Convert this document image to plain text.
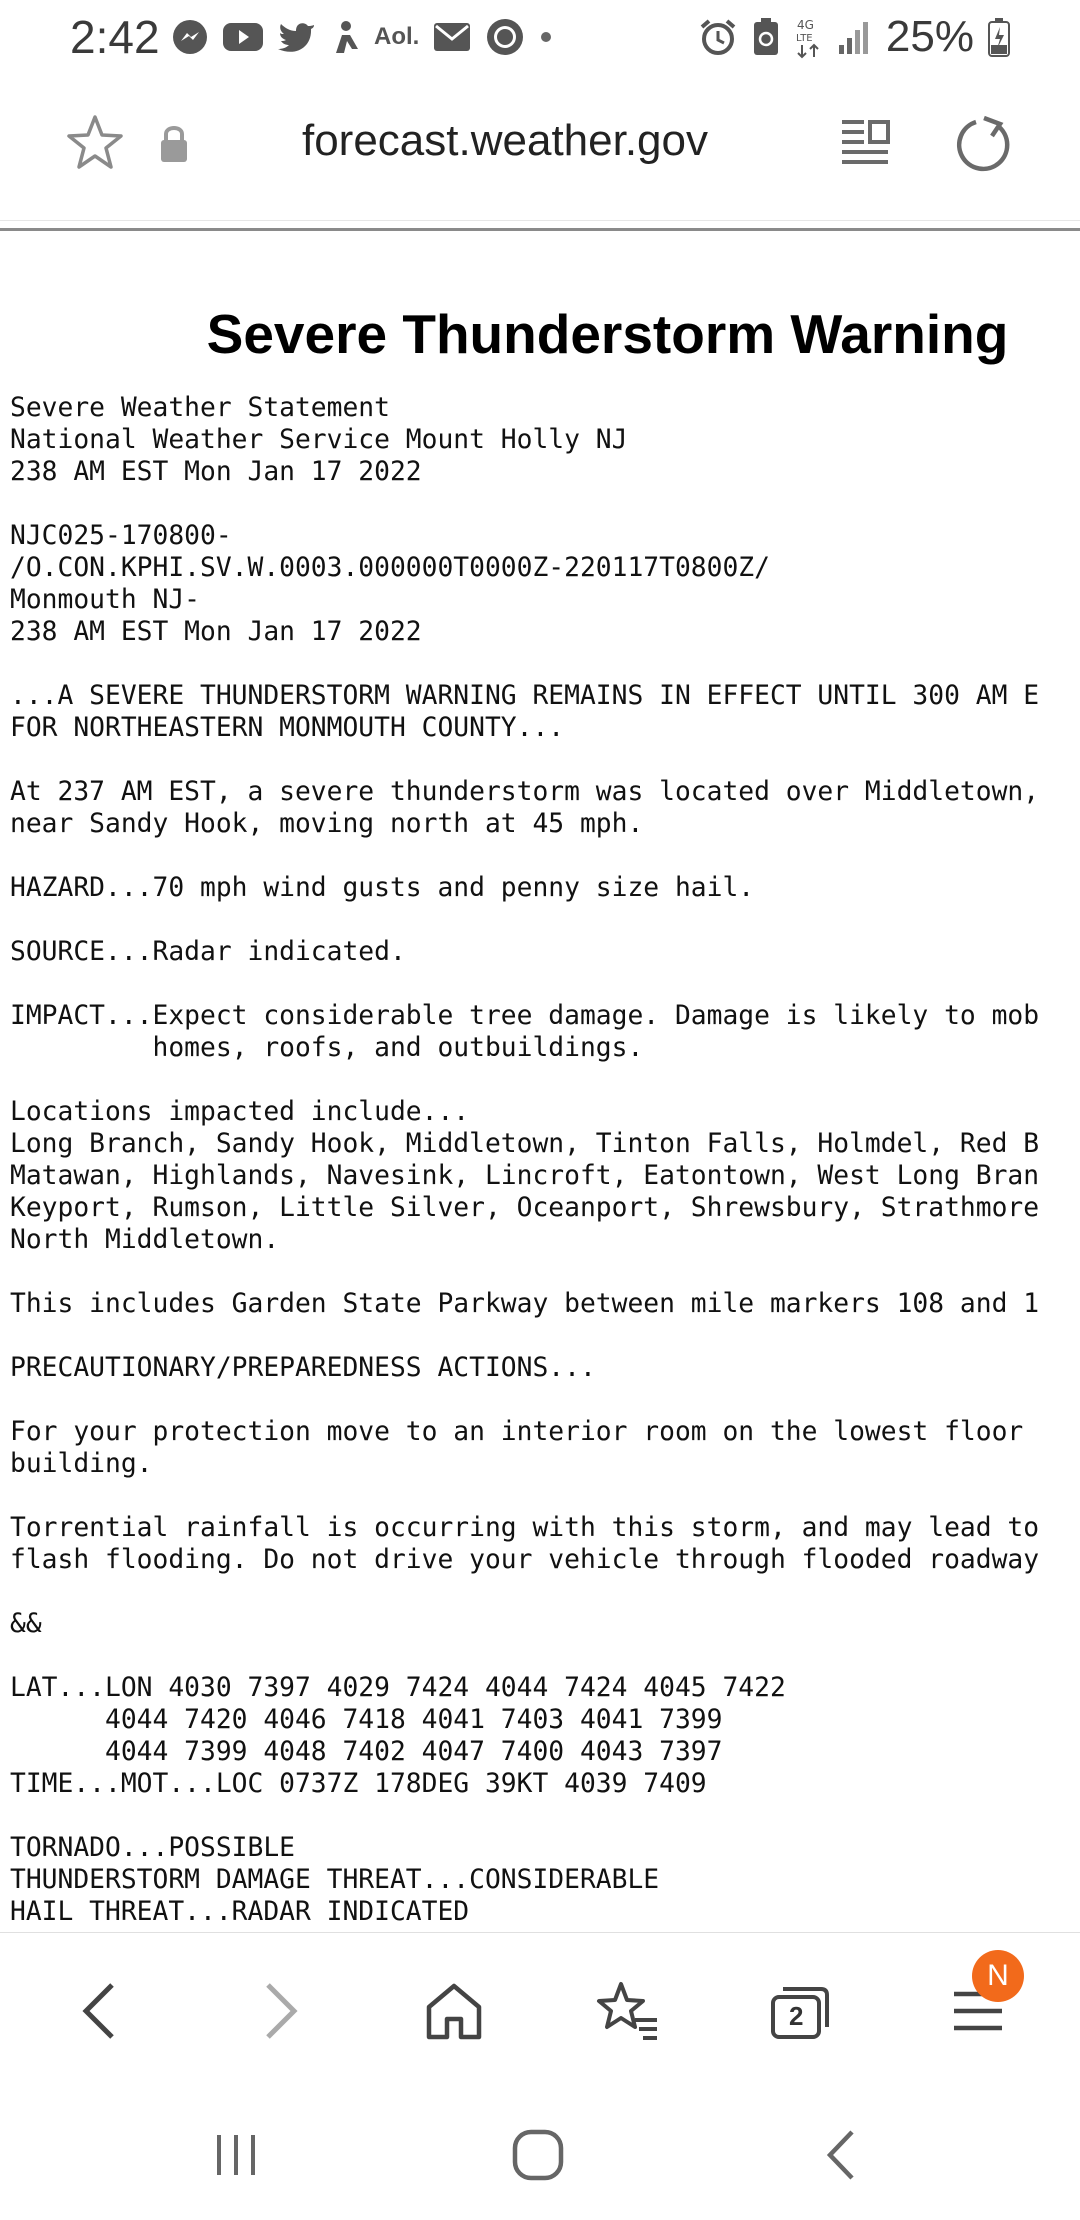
2:42	Aol.	4G
LTE 25%
forecast.weather.gov
Severe Thunderstorm Warning
Severe Weather Statement
National Weather Service Mount Holly NJ
238 AM EST Mon Jan 17 2022

NJC025-170800-
/O.CON.KPHI.SV.W.0003.000000T0000Z-220117T0800Z/
Monmouth NJ-
238 AM EST Mon Jan 17 2022

...A SEVERE THUNDERSTORM WARNING REMAINS IN EFFECT UNTIL 300 AM E
FOR NORTHEASTERN MONMOUTH COUNTY...

At 237 AM EST, a severe thunderstorm was located over Middletown,
near Sandy Hook, moving north at 45 mph.

HAZARD...70 mph wind gusts and penny size hail.

SOURCE...Radar indicated.

IMPACT...Expect considerable tree damage. Damage is likely to mob
homes, roofs, and outbuildings.

Locations impacted include...
Long Branch, Sandy Hook, Middletown, Tinton Falls, Holmdel, Red B
Matawan, Highlands, Navesink, Lincroft, Eatontown, West Long Bran
Keyport, Rumson, Little Silver, Oceanport, Shrewsbury, Strathmore
North Middletown.

This includes Garden State Parkway between mile markers 108 and 1

PRECAUTIONARY/PREPAREDNESS ACTIONS...

For your protection move to an interior room on the lowest floor
building.

Torrential rainfall is occurring with this storm, and may lead to
flash flooding. Do not drive your vehicle through flooded roadway

&&

LAT...LON 4030 7397 4029 7424 4044 7424 4045 7422
4044 7420 4046 7418 4041 7403 4041 7399
4044 7399 4048 7402 4047 7400 4043 7397
TIME...MOT...LOC 0737Z 178DEG 39KT 4039 7409

TORNADO...POSSIBLE
THUNDERSTORM DAMAGE THREAT...CONSIDERABLE
HAIL THREAT...RADAR INDICATED
2
N
